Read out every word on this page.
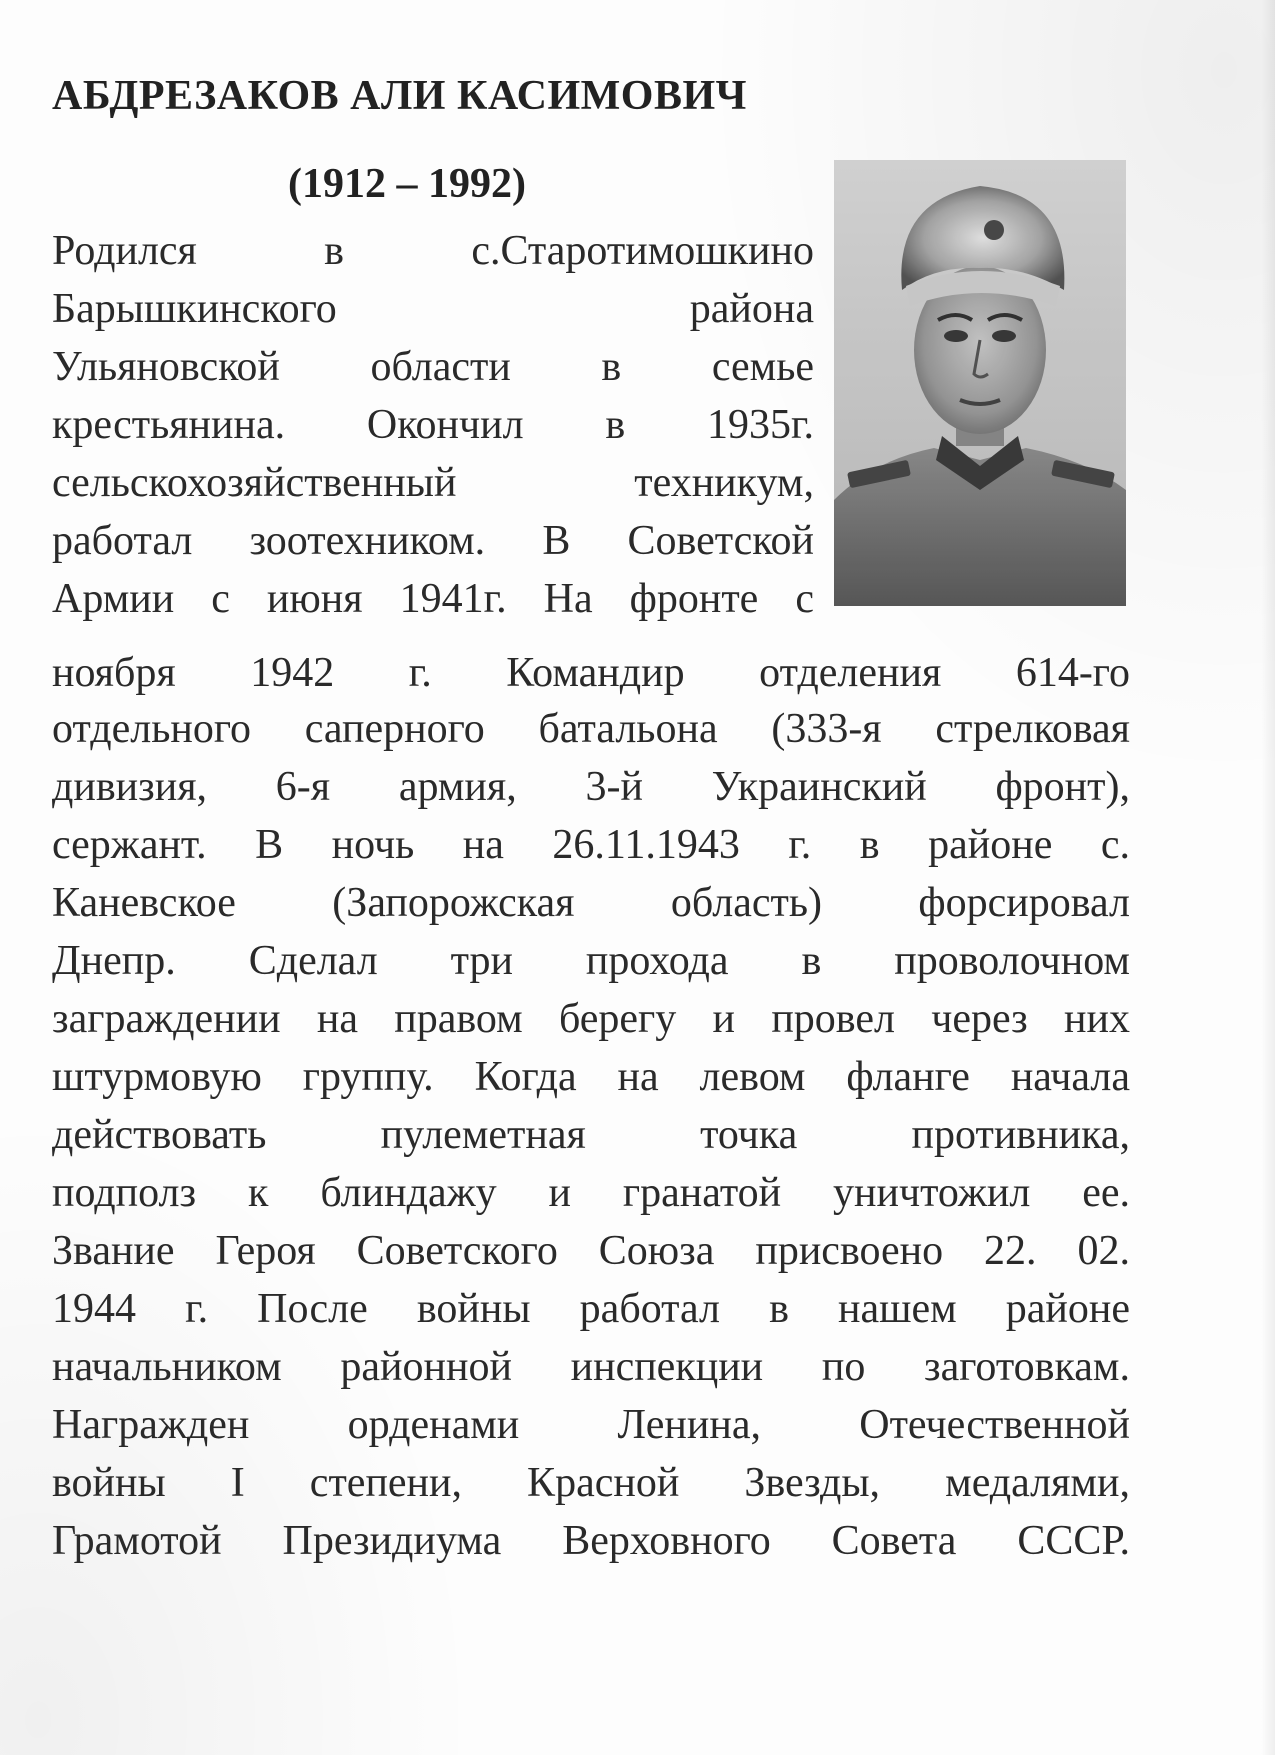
АБДРЕЗАКОВ АЛИ КАСИМОВИЧ
(1912 – 1992)

Родился в с.Старотимошкино

Барышкинского района

Ульяновской области в семье

крестьянина. Окончил в 1935г.

сельскохозяйственный техникум,

работал зоотехником. В Советской

Армии с июня 1941г. На фронте с

ноября 1942 г. Командир отделения 614-го

отдельного саперного батальона (333-я стрелковая

дивизия, 6-я армия, 3-й Украинский фронт),

сержант. В ночь на 26.11.1943 г. в районе с.

Каневское (Запорожская область) форсировал

Днепр. Сделал три прохода в проволочном

заграждении на правом берегу и провел через них

штурмовую группу. Когда на левом фланге начала

действовать пулеметная точка противника,

подполз к блиндажу и гранатой уничтожил ее.

Звание Героя Советского Союза присвоено 22. 02.

1944 г. После войны работал в нашем районе

начальником районной инспекции по заготовкам.

Награжден орденами Ленина, Отечественной

войны I степени, Красной Звезды, медалями,

Грамотой Президиума Верховного Совета СССР.
